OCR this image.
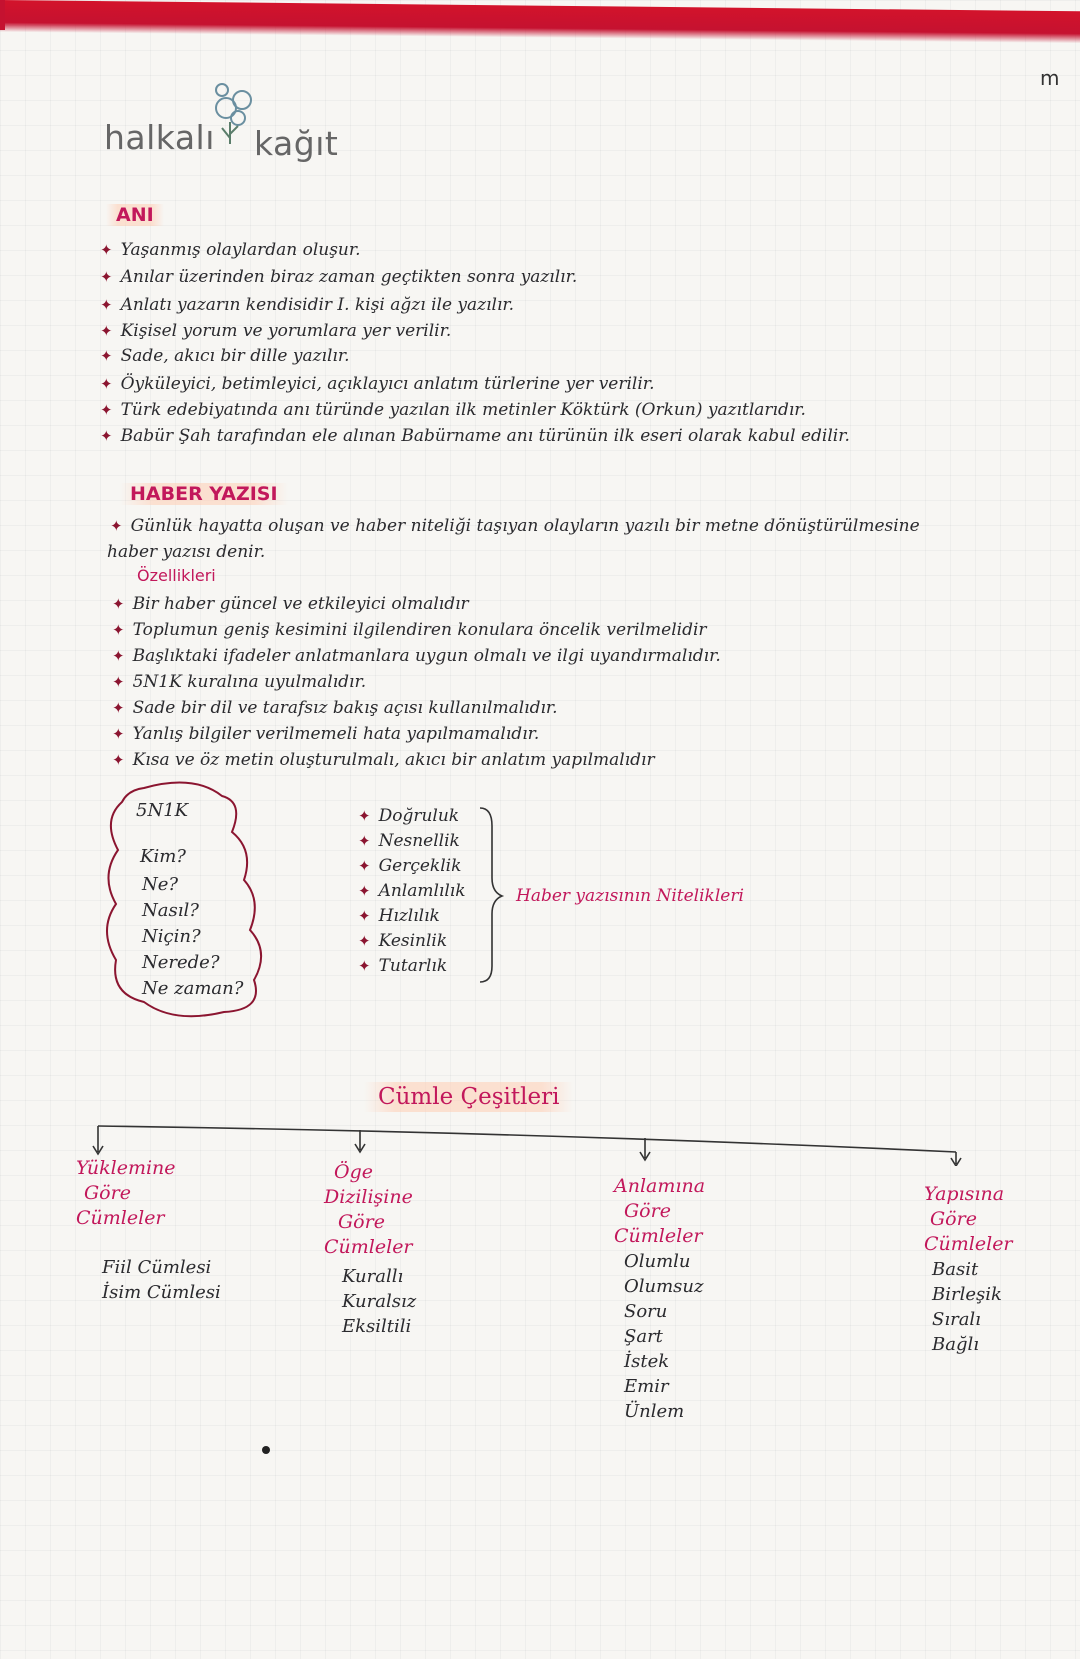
m
halkalı kağıt
ANI
✦ Yaşanmış olaylardan oluşur.
✦ Anılar üzerinden biraz zaman geçtikten sonra yazılır.
✦ Anlatı yazarın kendisidir I. kişi ağzı ile yazılır.
✦ Kişisel yorum ve yorumlara yer verilir.
✦ Sade, akıcı bir dille yazılır.
✦ Öyküleyici, betimleyici, açıklayıcı anlatım türlerine yer verilir.
✦ Türk edebiyatında anı türünde yazılan ilk metinler Köktürk (Orkun) yazıtlarıdır.
✦ Babür Şah tarafından ele alınan Babürname anı türünün ilk eseri olarak kabul edilir.
HABER YAZISI
✦ Günlük hayatta oluşan ve haber niteliği taşıyan olayların yazılı bir metne dönüştürülmesine
haber yazısı denir.
Özellikleri
✦ Bir haber güncel ve etkileyici olmalıdır
✦ Toplumun geniş kesimini ilgilendiren konulara öncelik verilmelidir
✦ Başlıktaki ifadeler anlatmanlara uygun olmalı ve ilgi uyandırmalıdır.
✦ 5N1K kuralına uyulmalıdır.
✦ Sade bir dil ve tarafsız bakış açısı kullanılmalıdır.
✦ Yanlış bilgiler verilmemeli hata yapılmamalıdır.
✦ Kısa ve öz metin oluşturulmalı, akıcı bir anlatım yapılmalıdır
5N1K
Kim?
Ne?
Nasıl?
Niçin?
Nerede?
Ne zaman?
✦ Doğruluk
✦ Nesnellik
✦ Gerçeklik
✦ Anlamlılık
✦ Hızlılık
✦ Kesinlik
✦ Tutarlık
Haber yazısının Nitelikleri
Cümle Çeşitleri
Yüklemine
Göre
Cümleler
Fiil Cümlesi
İsim Cümlesi
Öge
Dizilişine
Göre
Cümleler
Kurallı
Kuralsız
Eksiltili
Anlamına
Göre
Cümleler
Olumlu
Olumsuz
Soru
Şart
İstek
Emir
Ünlem
Yapısına
Göre
Cümleler
Basit
Birleşik
Sıralı
Bağlı
